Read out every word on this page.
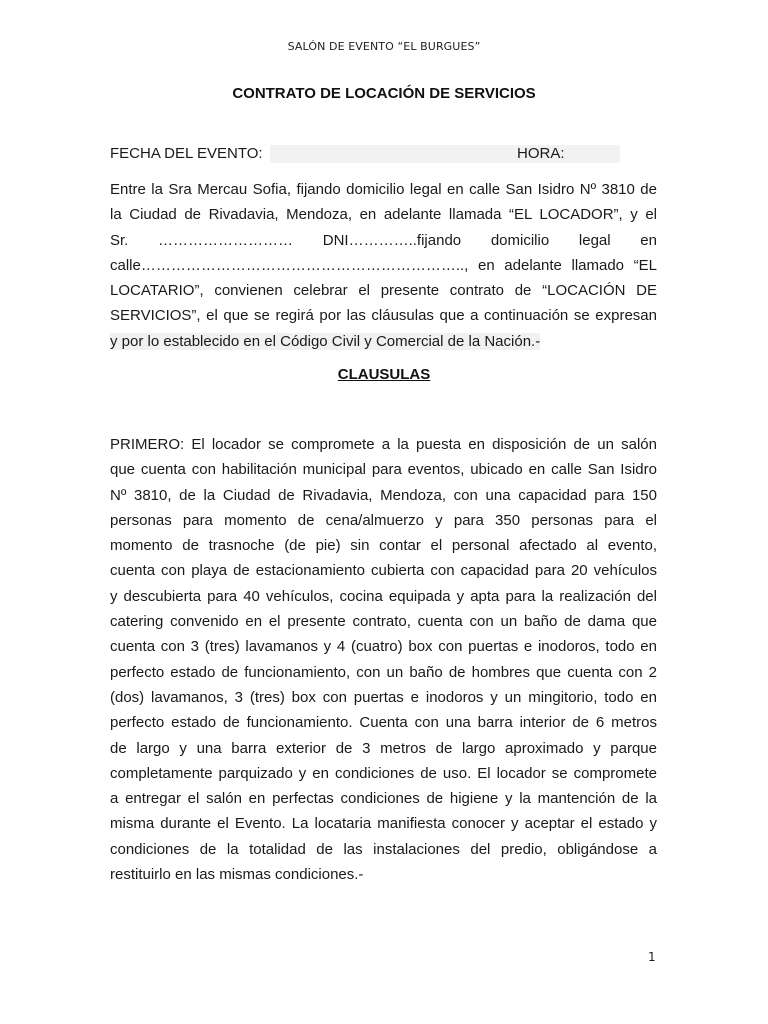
SALÓN DE EVENTO “EL BURGUES”
CONTRATO DE LOCACIÓN DE SERVICIOS
FECHA DEL EVENTO:	HORA:
Entre la Sra Mercau Sofia, fijando domicilio legal en calle San Isidro Nº 3810 de
la Ciudad de Rivadavia, Mendoza, en adelante llamada “EL LOCADOR”, y el
Sr. ……………………… DNI…………..fijando domicilio legal en
calle……………………………………………………….., en adelante llamado “EL
LOCATARIO”, convienen celebrar el presente contrato de “LOCACIÓN DE
SERVICIOS”, el que se regirá por las cláusulas que a continuación se expresan
y por lo establecido en el Código Civil y Comercial de la Nación.-
CLAUSULAS
PRIMERO: El locador se compromete a la puesta en disposición de un salón
que cuenta con habilitación municipal para eventos, ubicado en calle San Isidro
Nº 3810, de la Ciudad de Rivadavia, Mendoza, con una capacidad para 150
personas para momento de cena/almuerzo y para 350 personas para el
momento de trasnoche (de pie) sin contar el personal afectado al evento,
cuenta con playa de estacionamiento cubierta con capacidad para 20 vehículos
y descubierta para 40 vehículos, cocina equipada y apta para la realización del
catering convenido en el presente contrato, cuenta con un baño de dama que
cuenta con 3 (tres) lavamanos y 4 (cuatro) box con puertas e inodoros, todo en
perfecto estado de funcionamiento, con un baño de hombres que cuenta con 2
(dos) lavamanos, 3 (tres) box con puertas e inodoros y un mingitorio, todo en
perfecto estado de funcionamiento. Cuenta con una barra interior de 6 metros
de largo y una barra exterior de 3 metros de largo aproximado y parque
completamente parquizado y en condiciones de uso. El locador se compromete
a entregar el salón en perfectas condiciones de higiene y la mantención de la
misma durante el Evento. La locataria manifiesta conocer y aceptar el estado y
condiciones de la totalidad de las instalaciones del predio, obligándose a
restituirlo en las mismas condiciones.-
1
